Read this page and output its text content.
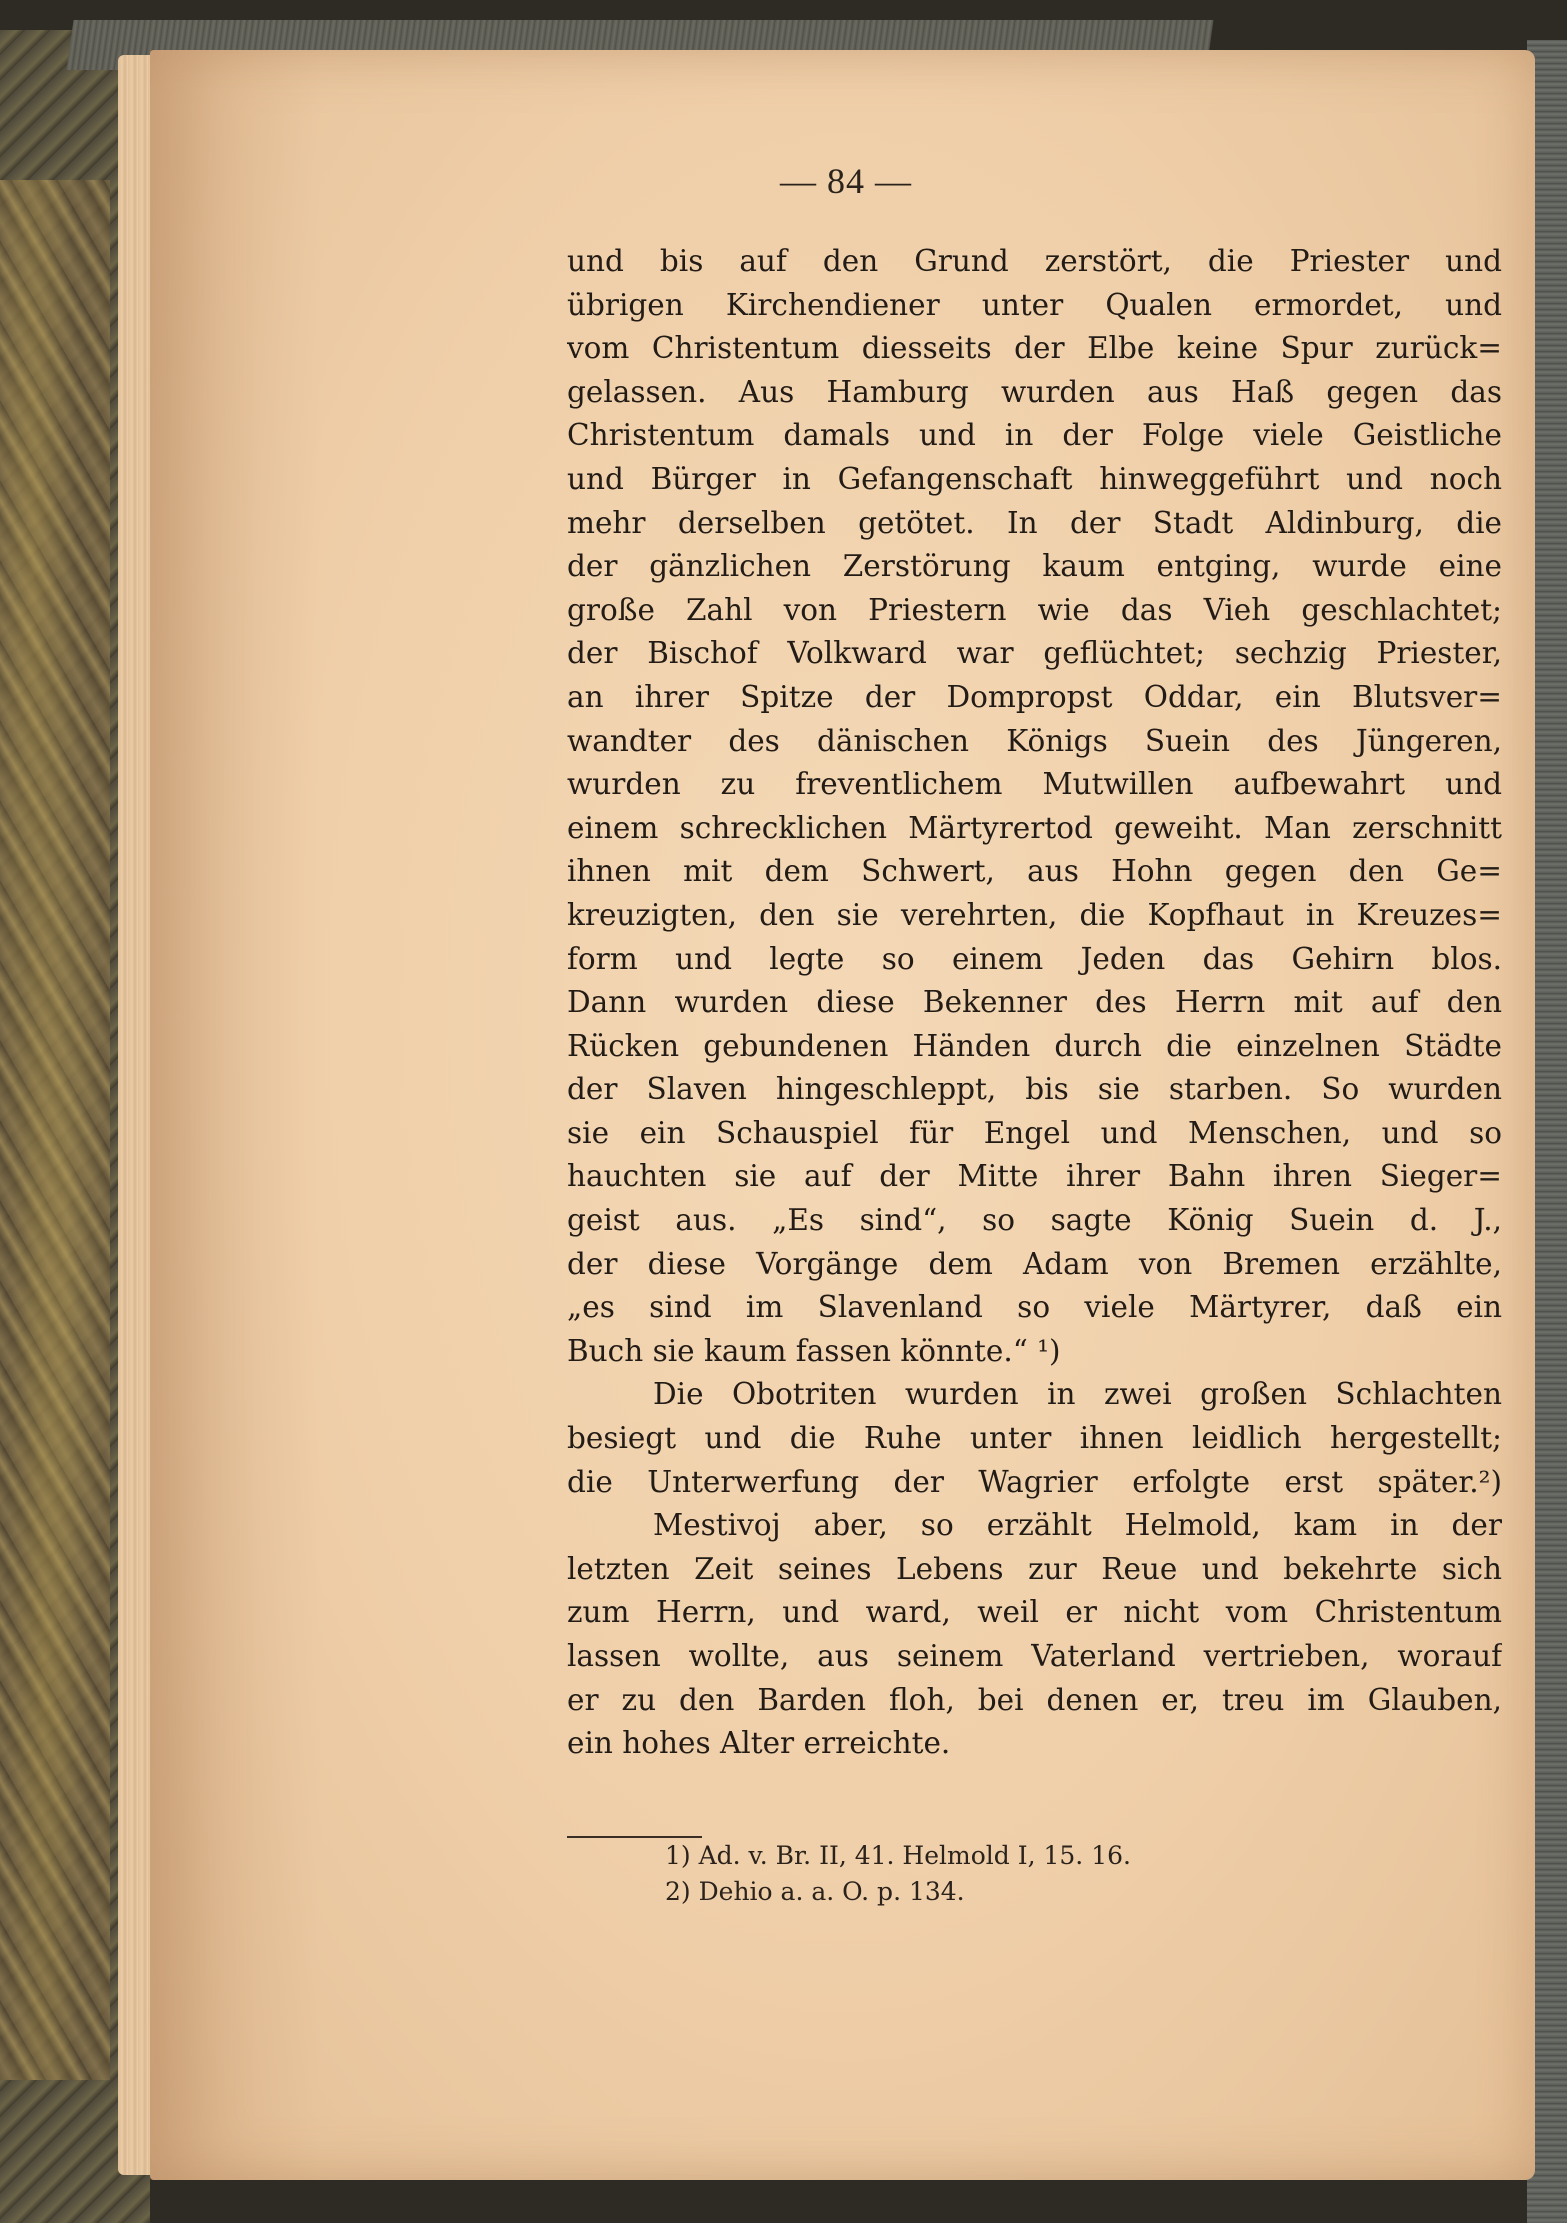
— 84 —
und bis auf den Grund zerstört, die Priester und
übrigen Kirchendiener unter Qualen ermordet, und
vom Christentum diesseits der Elbe keine Spur zurück=
gelassen. Aus Hamburg wurden aus Haß gegen das
Christentum damals und in der Folge viele Geistliche
und Bürger in Gefangenschaft hinweggeführt und noch
mehr derselben getötet. In der Stadt Aldinburg, die
der gänzlichen Zerstörung kaum entging, wurde eine
große Zahl von Priestern wie das Vieh geschlachtet;
der Bischof Volkward war geflüchtet; sechzig Priester,
an ihrer Spitze der Dompropst Oddar, ein Blutsver=
wandter des dänischen Königs Suein des Jüngeren,
wurden zu freventlichem Mutwillen aufbewahrt und
einem schrecklichen Märtyrertod geweiht. Man zerschnitt
ihnen mit dem Schwert, aus Hohn gegen den Ge=
kreuzigten, den sie verehrten, die Kopfhaut in Kreuzes=
form und legte so einem Jeden das Gehirn blos.
Dann wurden diese Bekenner des Herrn mit auf den
Rücken gebundenen Händen durch die einzelnen Städte
der Slaven hingeschleppt, bis sie starben. So wurden
sie ein Schauspiel für Engel und Menschen, und so
hauchten sie auf der Mitte ihrer Bahn ihren Sieger=
geist aus. „Es sind“, so sagte König Suein d. J.,
der diese Vorgänge dem Adam von Bremen erzählte,
„es sind im Slavenland so viele Märtyrer, daß ein
Buch sie kaum fassen könnte.“ ¹)
Die Obotriten wurden in zwei großen Schlachten
besiegt und die Ruhe unter ihnen leidlich hergestellt;
die Unterwerfung der Wagrier erfolgte erst später.²)
Mestivoj aber, so erzählt Helmold, kam in der
letzten Zeit seines Lebens zur Reue und bekehrte sich
zum Herrn, und ward, weil er nicht vom Christentum
lassen wollte, aus seinem Vaterland vertrieben, worauf
er zu den Barden floh, bei denen er, treu im Glauben,
ein hohes Alter erreichte.
1) Ad. v. Br. II, 41. Helmold I, 15. 16.
2) Dehio a. a. O. p. 134.
